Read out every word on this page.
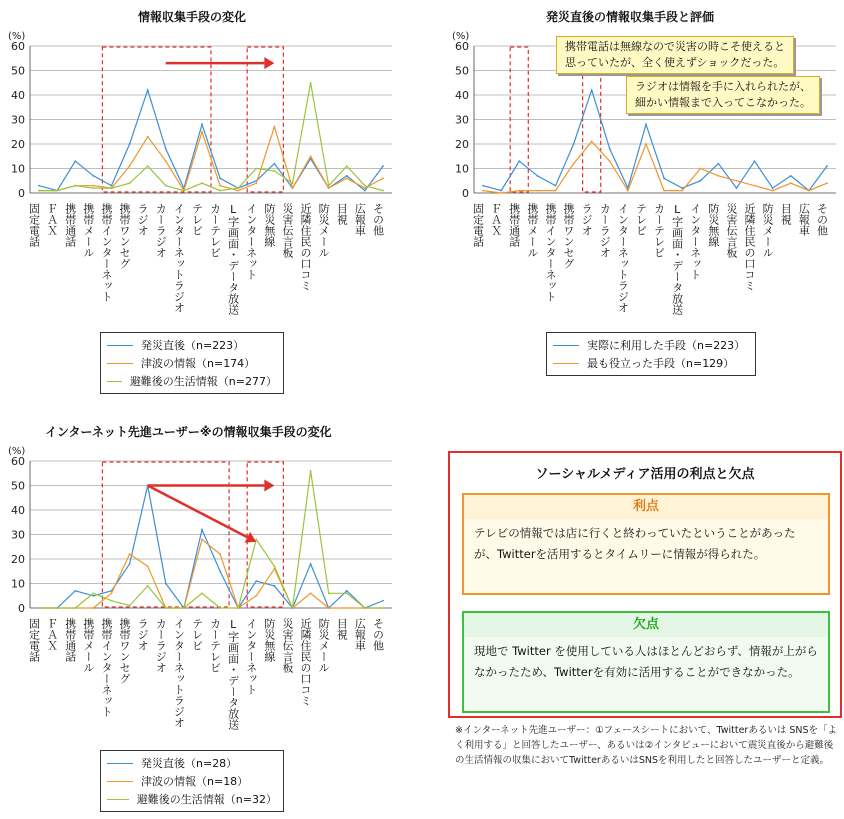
情報収集手段の変化
(%)
0
10
20
30
40
50
60
固定電話 ＦＡＸ 携帯通話 携帯メール 携帯インターネット 携帯ワンセグ ラジオ カーラジオ インターネットラジオ テレビ カーテレビ L字画面・データ放送 インターネット 防災無線 災害伝言板 近隣住民の口コミ 防災メール 目視 広報車 その他
発災直後（n=223）
津波の情報（n=174）
避難後の生活情報（n=277）
発災直後の情報収集手段と評価
(%)
0
10
20
30
40
50
60
固定電話 ＦＡＸ 携帯通話 携帯メール 携帯インターネット 携帯ワンセグ ラジオ カーラジオ インターネットラジオ テレビ カーテレビ L字画面・データ放送 インターネット 防災無線 災害伝言板 近隣住民の口コミ 防災メール 目視 広報車 その他
実際に利用した手段（n=223）
最も役立った手段（n=129）
インターネット先進ユーザー※の情報収集手段の変化
(%)
0
10
20
30
40
50
60
固定電話 ＦＡＸ 携帯通話 携帯メール 携帯インターネット 携帯ワンセグ ラジオ カーラジオ インターネットラジオ テレビ カーテレビ L字画面・データ放送 インターネット 防災無線 災害伝言板 近隣住民の口コミ 防災メール 目視 広報車 その他
発災直後（n=28）
津波の情報（n=18）
避難後の生活情報（n=32）
携帯電話は無線なので災害の時こそ使えると
思っていたが、全く使えずショックだった。
ラジオは情報を手に入れられたが、
細かい情報まで入ってこなかった。
ソーシャルメディア活用の利点と欠点
利点
テレビの情報では店に行くと終わっていたということがあったが、Twitterを活用するとタイムリーに情報が得られた。
欠点
現地で Twitter を使用している人はほとんどおらず、情報が上がらなかったため、Twitterを有効に活用することができなかった。
※インターネット先進ユーザー：①フェースシートにおいて、Twitterあるいは SNSを「よく利用する」と回答したユーザー、あるいは②インタビューにおいて震災直後から避難後の生活情報の収集においてTwitterあるいはSNSを利用したと回答したユーザーと定義。
